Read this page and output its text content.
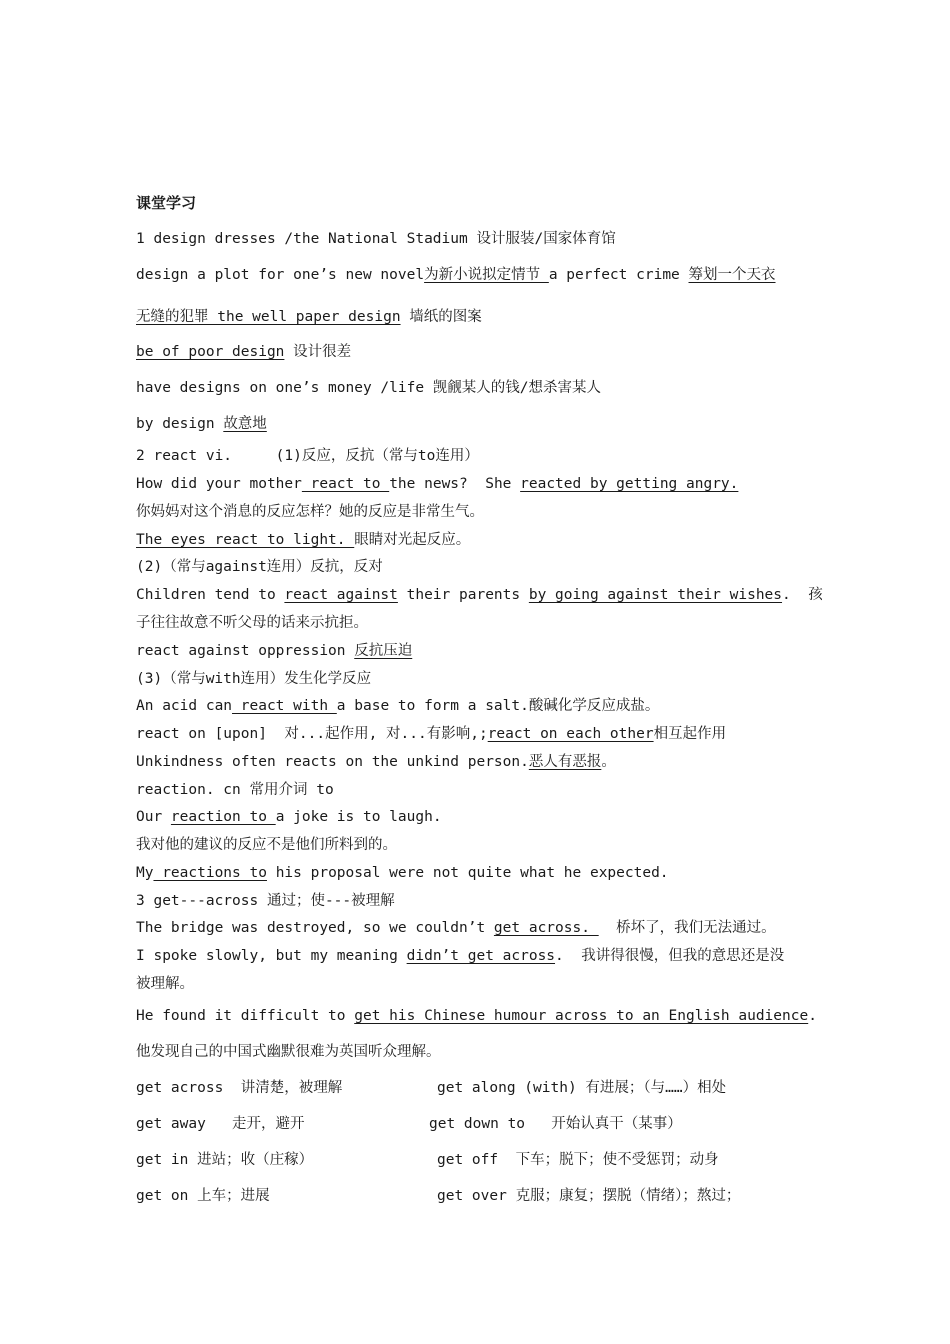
课堂学习
1 design dresses /the National Stadium 设计服装/国家体育馆
design a plot for one’s new novel为新小说拟定情节 a perfect crime 筹划一个天衣
无缝的犯罪 the well paper design 墙纸的图案
be of poor design 设计很差
have designs on one’s money /life 觊觎某人的钱/想杀害某人
by design 故意地
2 react vi.     (1)反应，反抗（常与to连用）
How did your mother react to the news?  She reacted by getting angry.
你妈妈对这个消息的反应怎样？她的反应是非常生气。
The eyes react to light. 眼睛对光起反应。
(2)（常与against连用）反抗，反对
Children tend to react against their parents by going against their wishes.  孩
子往往故意不听父母的话来示抗拒。
react against oppression 反抗压迫
(3)（常与with连用）发生化学反应
An acid can react with a base to form a salt.酸碱化学反应成盐。
react on [upon]  对...起作用, 对...有影响,;react on each other相互起作用
Unkindness often reacts on the unkind person.恶人有恶报。
reaction. cn 常用介词 to
Our reaction to a joke is to laugh.
我对他的建议的反应不是他们所料到的。
My reactions to his proposal were not quite what he expected.
3 get---across 通过；使---被理解
The bridge was destroyed, so we couldn’t get across.   桥坏了，我们无法通过。
I spoke slowly, but my meaning didn’t get across.  我讲得很慢，但我的意思还是没
被理解。
He found it difficult to get his Chinese humour across to an English audience.
他发现自己的中国式幽默很难为英国听众理解。
get across  讲清楚，被理解	get along (with) 有进展；（与……）相处
get away   走开，避开	get down to   开始认真干（某事）
get in 进站；收（庄稼）	get off  下车；脱下；使不受惩罚；动身
get on 上车；进展	get over 克服；康复；摆脱（情绪）；熬过；
